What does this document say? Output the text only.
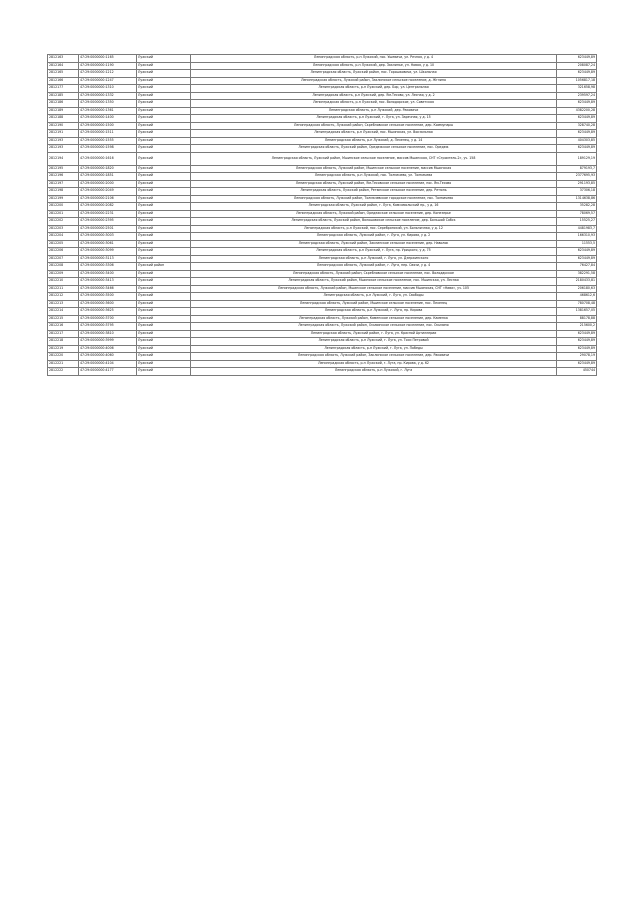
2812163	47:29:0000000:1165	Лужский	Ленинградская область, р-н Лужский, пос. Ушевичи, ул. Речная, у д. 4	623449,89
2812164	47:29:0000000:1190	Лужский	Ленинградская область, р-н Лужский, дер. Заклинье, ул. Новая, у д. 10	208087,24
2812165	47:29:0000000:1212	Лужский	Ленинградская область, Лужский район, пос. Торошковичи, ул. Школьная	623449,89
2812166	47:29:0000000:1247	Лужский	Ленинградская область, Лужский район, Заклинское сельское поселение, д. Жглино	1056817,18
2812177	47:29:0000000:1310	Лужский	Ленинградская область, р-н Лужский, дер. Бор, ул. Центральная	321658,98
2812185	47:29:0000000:1332	Лужский	Ленинградская область, р-н Лужский, дер. Ям-Тесово, ул. Лесная, у д. 2	239597,24
2812186	47:29:0000000:1350	Лужский	Ленинградская область, р-н Лужский, пос. Володарское, ул. Советская	623449,89
2812189	47:29:0000000:1361	Лужский	Ленинградская область, р-н Лужский, дер. Раковичи	4382200,28
2812188	47:29:0000000:1400	Лужский	Ленинградская область, р-н Лужский, г. Луга, ул. Заречная, у д. 15	623449,89
2812190	47:29:0000000:1500	Лужский	Ленинградская область, Лужский район, Скребловское сельское поселение, дер. Коммунары	328740,28
2812191	47:29:0000000:1511	Лужский	Ленинградская область, р-н Лужский, пос. Мшинская, ул. Вокзальная	623449,89
2812193	47:29:0000000:1555	Лужский	Ленинградская область, р-н Лужский, д. Пехенец, у д. 14	404303,85
2812193	47:29:0000000:1598	Лужский	Ленинградская область, Лужский район, Оредежское сельское поселение, пос. Оредеж	623449,89
2812194	47:29:0000000:1616	Лужский	Ленинградская область, Лужский район, Мшинское сельское поселение, массив Мшинская, СНТ «Строитель-2», уч. 158	189129,19
2812195	47:29:0000000:1820	Лужский	Ленинградская область, Лужский район, Мшинское сельское поселение, массив Мшинская	879193,7
2812196	47:29:0000000:1851	Лужский	Ленинградская область, р-н Лужский, пос. Толмачево, ул. Толмачева	2377695,93
2812197	47:29:0000000:2000	Лужский	Ленинградская область, Лужский район, Ям-Тесовское сельское поселение, пос. Ям-Тесово	291193,85
2812198	47:29:0000000:2049	Лужский	Ленинградская область, Лужский район, Ретюнское сельское поселение, дер. Ретюнь	37306,18
2812199	47:29:0000000:2106	Лужский	Ленинградская область, Лужский район, Толмачевское городское поселение, пос. Толмачево	1314638,86
2812200	47:29:0000000:2082	Лужский	Ленинградская область, Лужский район, г. Луга, Комсомольский пр., у д. 16	35282,28
2812201	47:29:0000000:2231	Лужский	Ленинградская область, Лужский район, Оредежское сельское поселение, дер. Конезерье	78069,57
2812202	47:29:0000000:2395	Лужский	Ленинградская область, Лужский район, Волошовское сельское поселение, дер. Большой Сабск	15525,27
2812203	47:29:0000000:2501	Лужский	Ленинградская область, р-н Лужский, пос. Серебрянский, ул. Больничная, у д. 12	4481983,7
2812204	47:29:0000000:3003	Лужский	Ленинградская область, Лужский район, г. Луга, ул. Кирова, у д. 2	166310,93
2812205	47:29:0000000:3061	Лужский	Ленинградская область, Лужский район, Заклинское сельское поселение, дер. Наволок	11553,5
2812206	47:29:0000000:3099	Лужский	Ленинградская область, р-н Лужский, г. Луга, пр. Урицкого, у д. 75	623449,89
2812207	47:29:0000000:3113	Лужский	Ленинградская область, р-н Лужский, г. Луга, ул. Дзержинского	623449,89
2812208	47:29:0000000:3306	Лужский район	Ленинградская область, Лужский район, г. Луга, пер. Связи, у д. 4	76427,84
2812209	47:29:0000000:3400	Лужский	Ленинградская область, Лужский район, Скребловское сельское поселение, пос. Володарское	382291,58
2812210	47:29:0000000:3413	Лужский	Ленинградская область, Лужский район, Мшинское сельское поселение, пос. Мшинская, ул. Лесная	2180433,81
2812211	47:29:0000000:3466	Лужский	Ленинградская область, Лужский район, Мшинское сельское поселение, массив Мшинская, СНТ «Нива», уч. 105	206180,63
2812212	47:29:0000000:3500	Лужский	Ленинградская область, р-н Лужский, г. Луга, ул. Свободы	468612,6
2812213	47:29:0000000:3600	Лужский	Ленинградская область, Лужский район, Мшинское сельское поселение, пос. Пехенец	780708,48
2812214	47:29:0000000:3625	Лужский	Ленинградская область, р-н Лужский, г. Луга, пр. Кирова	1381657,05
2812215	47:29:0000000:3700	Лужский	Ленинградская область, Лужский район, Каменское сельское поселение, дер. Каменка	88178,88
2812216	47:29:0000000:3795	Лужский	Ленинградская область, Лужский район, Осьминское сельское поселение, пос. Осьмино	215600,2
2812217	47:29:0000000:3810	Лужский	Ленинградская область, Лужский район, г. Луга, ул. Красной Артиллерии	623449,89
2812218	47:29:0000000:3999	Лужский	Ленинградская область, р-н Лужский, г. Луга, ул. Тоси Петровой	623449,89
2812219	47:29:0000000:4006	Лужский	Ленинградская область, р-н Лужский, г. Луга, ул. Победы	623449,89
2812220	47:29:0000000:4060	Лужский	Ленинградская область, Лужский район, Заклинское сельское поселение, дер. Раковичи	29078,19
2812221	47:29:0000000:4104	Лужский	Ленинградская область, р-н Лужский, г. Луга, пр. Кирова, у д. 62	623449,89
2812222	47:29:0000000:4177	Лужский	Ленинградская область, р-н Лужский, г. Луга	450744
